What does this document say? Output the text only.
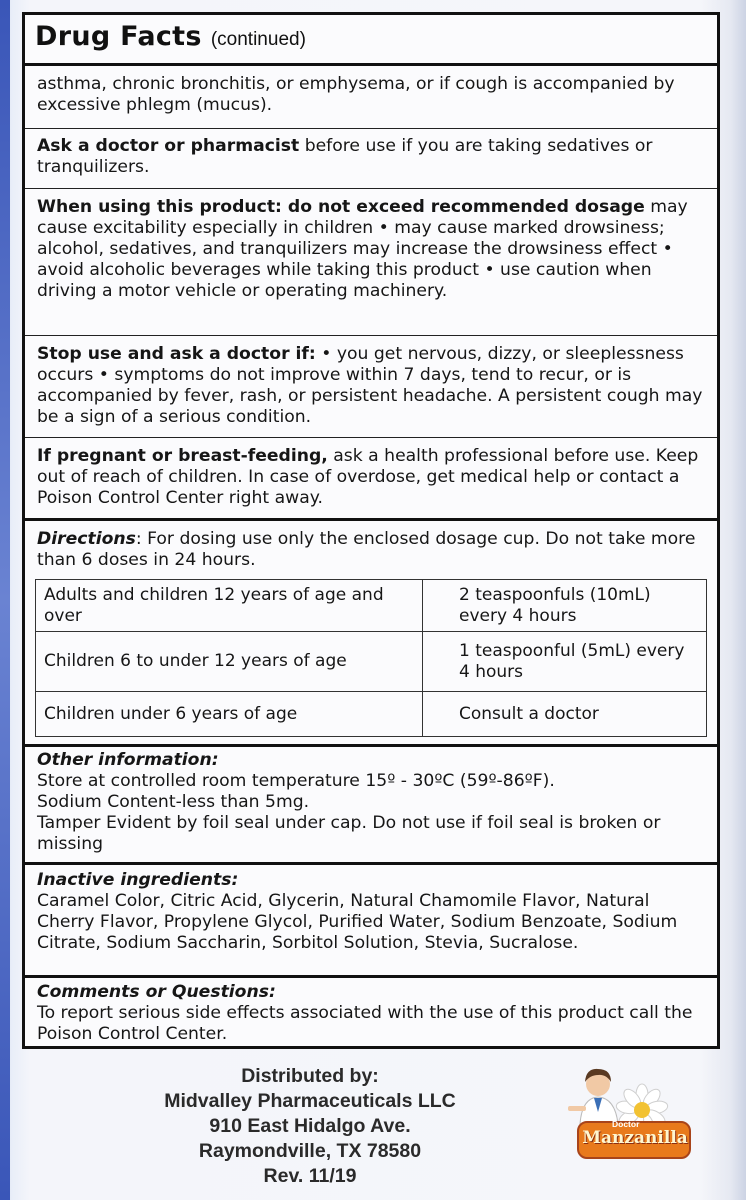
Drug Facts (continued)
asthma, chronic bronchitis, or emphysema, or if cough is accompanied by excessive phlegm (mucus).
Ask a doctor or pharmacist before use if you are taking sedatives or tranquilizers.
When using this product: do not exceed recommended dosage may cause excitability especially in children • may cause marked drowsiness; alcohol, sedatives, and tranquilizers may increase the drowsiness effect • avoid alcoholic beverages while taking this product • use caution when driving a motor vehicle or operating machinery.
Stop use and ask a doctor if: • you get nervous, dizzy, or sleeplessness occurs • symptoms do not improve within 7 days, tend to recur, or is accompanied by fever, rash, or persistent headache. A persistent cough may be a sign of a serious condition.
If pregnant or breast-feeding, ask a health professional before use. Keep out of reach of children. In case of overdose, get medical help or contact a Poison Control Center right away.
Directions: For dosing use only the enclosed dosage cup. Do not take more than 6 doses in 24 hours.
Adults and children 12 years of age and over	2 teaspoonfuls (10mL) every 4 hours
Children 6 to under 12 years of age	1 teaspoonful (5mL) every 4 hours
Children under 6 years of age	Consult a doctor
Other information:
Store at controlled room temperature 15º - 30ºC (59º-86ºF).
Sodium Content-less than 5mg.
Tamper Evident by foil seal under cap. Do not use if foil seal is broken or missing
Inactive ingredients:
Caramel Color, Citric Acid, Glycerin, Natural Chamomile Flavor, Natural Cherry Flavor, Propylene Glycol, Purified Water, Sodium Benzoate, Sodium Citrate, Sodium Saccharin, Sorbitol Solution, Stevia, Sucralose.
Comments or Questions:
To report serious side effects associated with the use of this product call the Poison Control Center.
Distributed by:
Midvalley Pharmaceuticals LLC
910 East Hidalgo Ave.
Raymondville, TX 78580
Rev. 11/19
Doctor
Manzanilla
